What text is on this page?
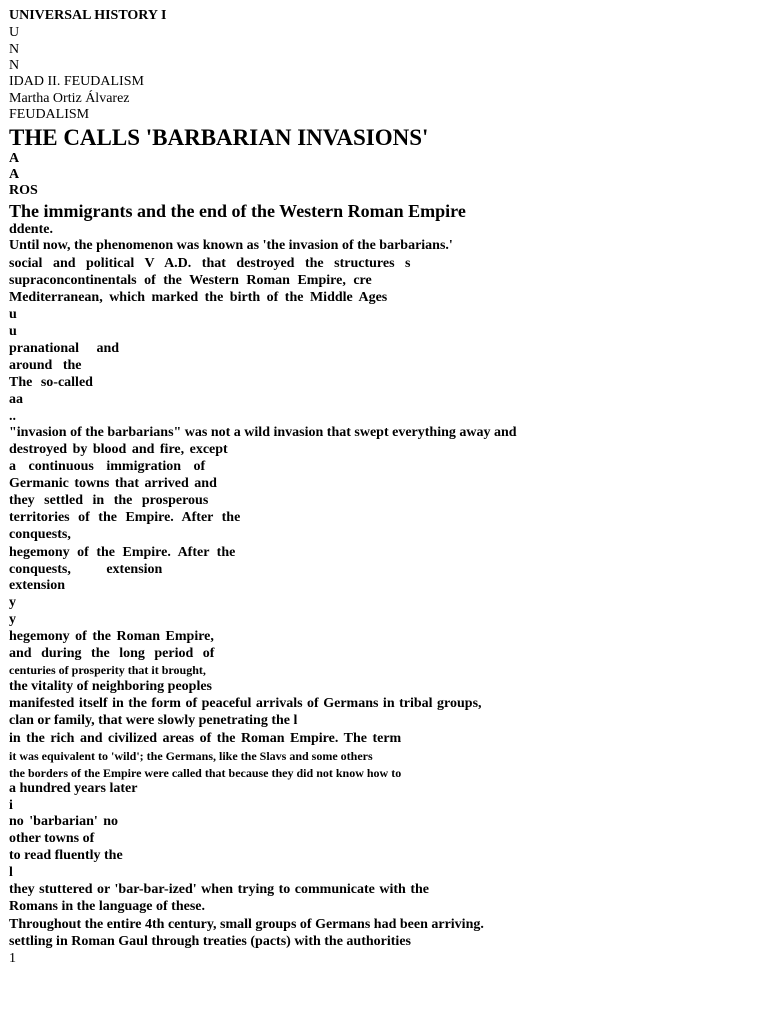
UNIVERSAL HISTORY I
U
N
N
IDAD II. FEUDALISM
Martha Ortiz Álvarez
FEUDALISM
THE CALLS 'BARBARIAN INVASIONS'
A
A
ROS
The immigrants and the end of the Western Roman Empire
ddente.
Until now, the phenomenon was known as 'the invasion of the barbarians.'
social and political V A.D. that destroyed the structures s
supraconcontinentals of the Western Roman Empire, cre
Mediterranean, which marked the birth of the Middle Ages
u
u
pranational and
around the
The so-called
aa
..
"invasion of the barbarians" was not a wild invasion that swept everything away and
destroyed by blood and fire, except
a continuous immigration of
Germanic towns that arrived and
they settled in the prosperous
territories of the Empire. After the
conquests,
hegemony of the Empire. After the
conquests, extension
extension
y
y
hegemony of the Roman Empire,
and during the long period of
centuries of prosperity that it brought,
the vitality of neighboring peoples
manifested itself in the form of peaceful arrivals of Germans in tribal groups,
clan or family, that were slowly penetrating the l
in the rich and civilized areas of the Roman Empire. The term
it was equivalent to 'wild'; the Germans, like the Slavs and some others
the borders of the Empire were called that because they did not know how to
a hundred years later
i
no 'barbarian' no
other towns of
to read fluently the
l
they stuttered or 'bar-bar-ized' when trying to communicate with the
Romans in the language of these.
Throughout the entire 4th century, small groups of Germans had been arriving.
settling in Roman Gaul through treaties (pacts) with the authorities
1
